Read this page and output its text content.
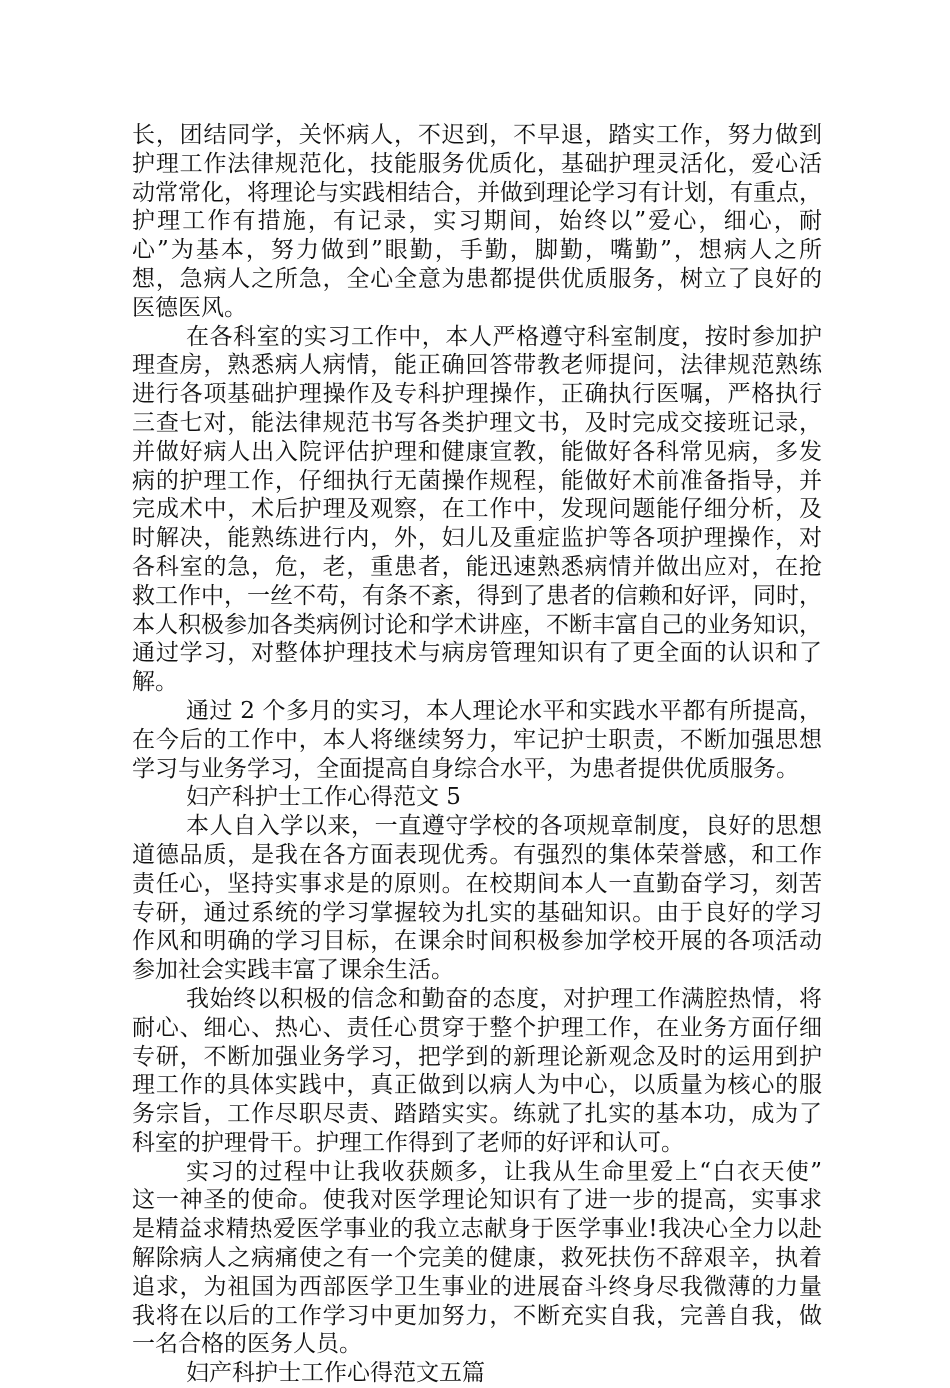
长，团结同学，关怀病人，不迟到，不早退，踏实工作，努力做到
护理工作法律规范化，技能服务优质化，基础护理灵活化，爱心活
动常常化，将理论与实践相结合，并做到理论学习有计划，有重点，
护理工作有措施，有记录，实习期间，始终以”爱心，细心，耐
心”为基本，努力做到”眼勤，手勤，脚勤，嘴勤”，想病人之所
想，急病人之所急，全心全意为患都提供优质服务，树立了良好的
医德医风。
在各科室的实习工作中，本人严格遵守科室制度，按时参加护
理查房，熟悉病人病情，能正确回答带教老师提问，法律规范熟练
进行各项基础护理操作及专科护理操作，正确执行医嘱，严格执行
三查七对，能法律规范书写各类护理文书，及时完成交接班记录，
并做好病人出入院评估护理和健康宣教，能做好各科常见病，多发
病的护理工作，仔细执行无菌操作规程，能做好术前准备指导，并
完成术中，术后护理及观察，在工作中，发现问题能仔细分析，及
时解决，能熟练进行内，外，妇儿及重症监护等各项护理操作，对
各科室的急，危，老，重患者，能迅速熟悉病情并做出应对，在抢
救工作中，一丝不苟，有条不紊，得到了患者的信赖和好评，同时，
本人积极参加各类病例讨论和学术讲座，不断丰富自己的业务知识，
通过学习，对整体护理技术与病房管理知识有了更全面的认识和了
解。
通过 2 个多月的实习，本人理论水平和实践水平都有所提高，
在今后的工作中，本人将继续努力，牢记护士职责，不断加强思想
学习与业务学习，全面提高自身综合水平，为患者提供优质服务。
妇产科护士工作心得范文 5
本人自入学以来，一直遵守学校的各项规章制度，良好的思想
道德品质，是我在各方面表现优秀。有强烈的集体荣誉感，和工作
责任心，坚持实事求是的原则。在校期间本人一直勤奋学习，刻苦
专研，通过系统的学习掌握较为扎实的基础知识。由于良好的学习
作风和明确的学习目标，在课余时间积极参加学校开展的各项活动
参加社会实践丰富了课余生活。
我始终以积极的信念和勤奋的态度，对护理工作满腔热情，将
耐心、细心、热心、责任心贯穿于整个护理工作，在业务方面仔细
专研，不断加强业务学习，把学到的新理论新观念及时的运用到护
理工作的具体实践中，真正做到以病人为中心，以质量为核心的服
务宗旨，工作尽职尽责、踏踏实实。练就了扎实的基本功，成为了
科室的护理骨干。护理工作得到了老师的好评和认可。
实习的过程中让我收获颇多，让我从生命里爱上“白衣天使”
这一神圣的使命。使我对医学理论知识有了进一步的提高，实事求
是精益求精热爱医学事业的我立志献身于医学事业!我决心全力以赴
解除病人之病痛使之有一个完美的健康，救死扶伤不辞艰辛，执着
追求，为祖国为西部医学卫生事业的进展奋斗终身尽我微薄的力量
我将在以后的工作学习中更加努力，不断充实自我，完善自我，做
一名合格的医务人员。
妇产科护士工作心得范文五篇
